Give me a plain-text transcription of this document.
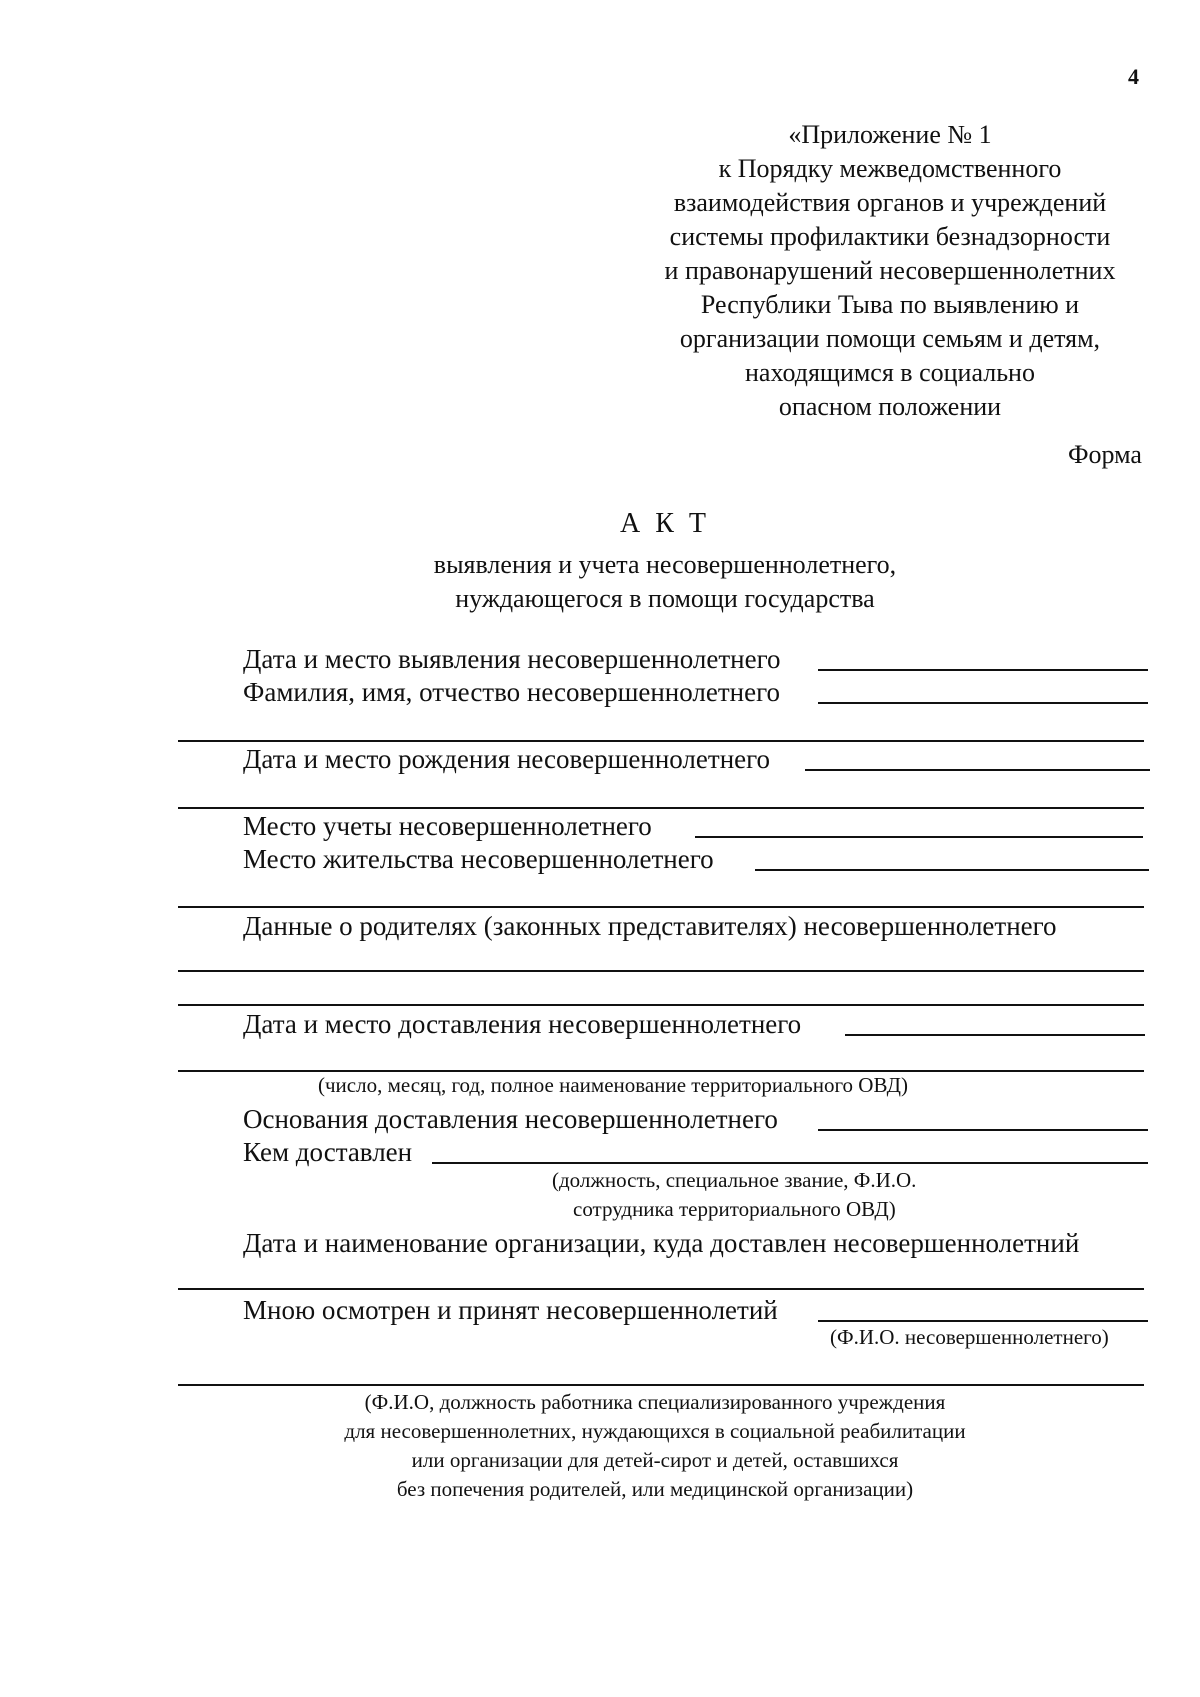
4
«Приложение № 1
к Порядку межведомственного
взаимодействия органов и учреждений
системы профилактики безнадзорности
и правонарушений несовершеннолетних
Республики Тыва по выявлению и
организации помощи семьям и детям,
находящимся в социально
опасном положении
Форма
А К Т
выявления и учета несовершеннолетнего,
нуждающегося в помощи государства
Дата и место выявления несовершеннолетнего
Фамилия, имя, отчество несовершеннолетнего
Дата и место рождения несовершеннолетнего
Место учеты несовершеннолетнего
Место жительства несовершеннолетнего
Данные о родителях (законных представителях) несовершеннолетнего
Дата и место доставления несовершеннолетнего
(число, месяц, год, полное наименование территориального ОВД)
Основания доставления несовершеннолетнего
Кем доставлен
(должность, специальное звание, Ф.И.О.
сотрудника территориального ОВД)
Дата и наименование организации, куда доставлен несовершеннолетний
Мною осмотрен и принят несовершеннолетий
(Ф.И.О. несовершеннолетнего)
(Ф.И.О, должность работника специализированного учреждения
для несовершеннолетних, нуждающихся в социальной реабилитации
или организации для детей-сирот и детей, оставшихся
без попечения родителей, или медицинской организации)
